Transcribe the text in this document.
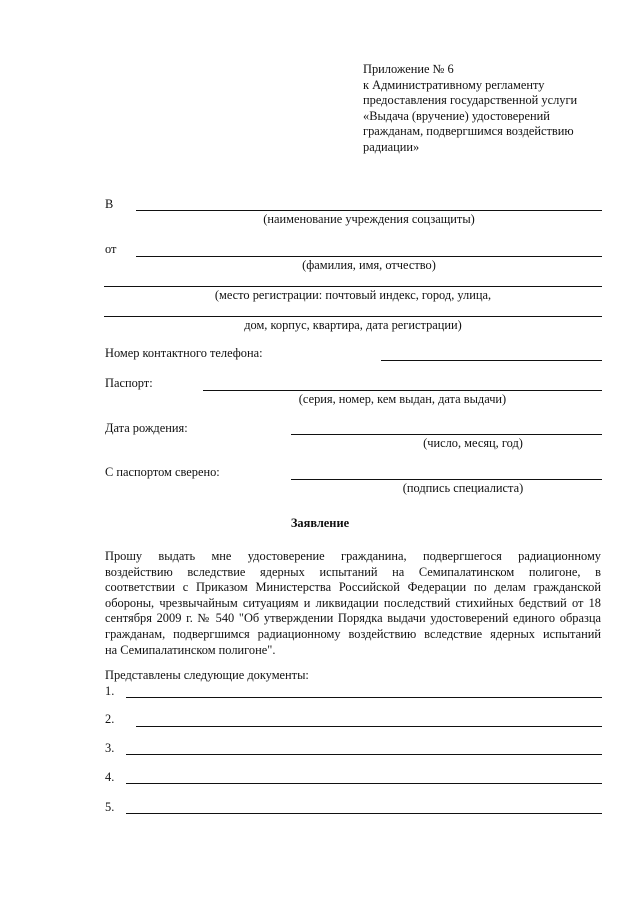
Приложение № 6
к Административному регламенту
предоставления государственной услуги
«Выдача (вручение) удостоверений
гражданам, подвергшимся воздействию
радиации»
В
(наименование учреждения соцзащиты)
от
(фамилия, имя, отчество)
(место регистрации: почтовый индекс, город, улица,
дом, корпус, квартира, дата регистрации)
Номер контактного телефона:
Паспорт:
(серия, номер, кем выдан, дата выдачи)
Дата рождения:
(число, месяц, год)
С паспортом сверено:
(подпись специалиста)
Заявление
Прошу выдать мне удостоверение гражданина, подвергшегося радиационному
воздействию вследствие ядерных испытаний на Семипалатинском полигоне, в
соответствии с Приказом Министерства Российской Федерации по делам гражданской
обороны, чрезвычайным ситуациям и ликвидации последствий стихийных бедствий от 18
сентября 2009 г. № 540 "Об утверждении Порядка выдачи удостоверений единого образца
гражданам, подвергшимся радиационному воздействию вследствие ядерных испытаний
на Семипалатинском полигоне".
Представлены следующие документы:
1.
2.
3.
4.
5.
